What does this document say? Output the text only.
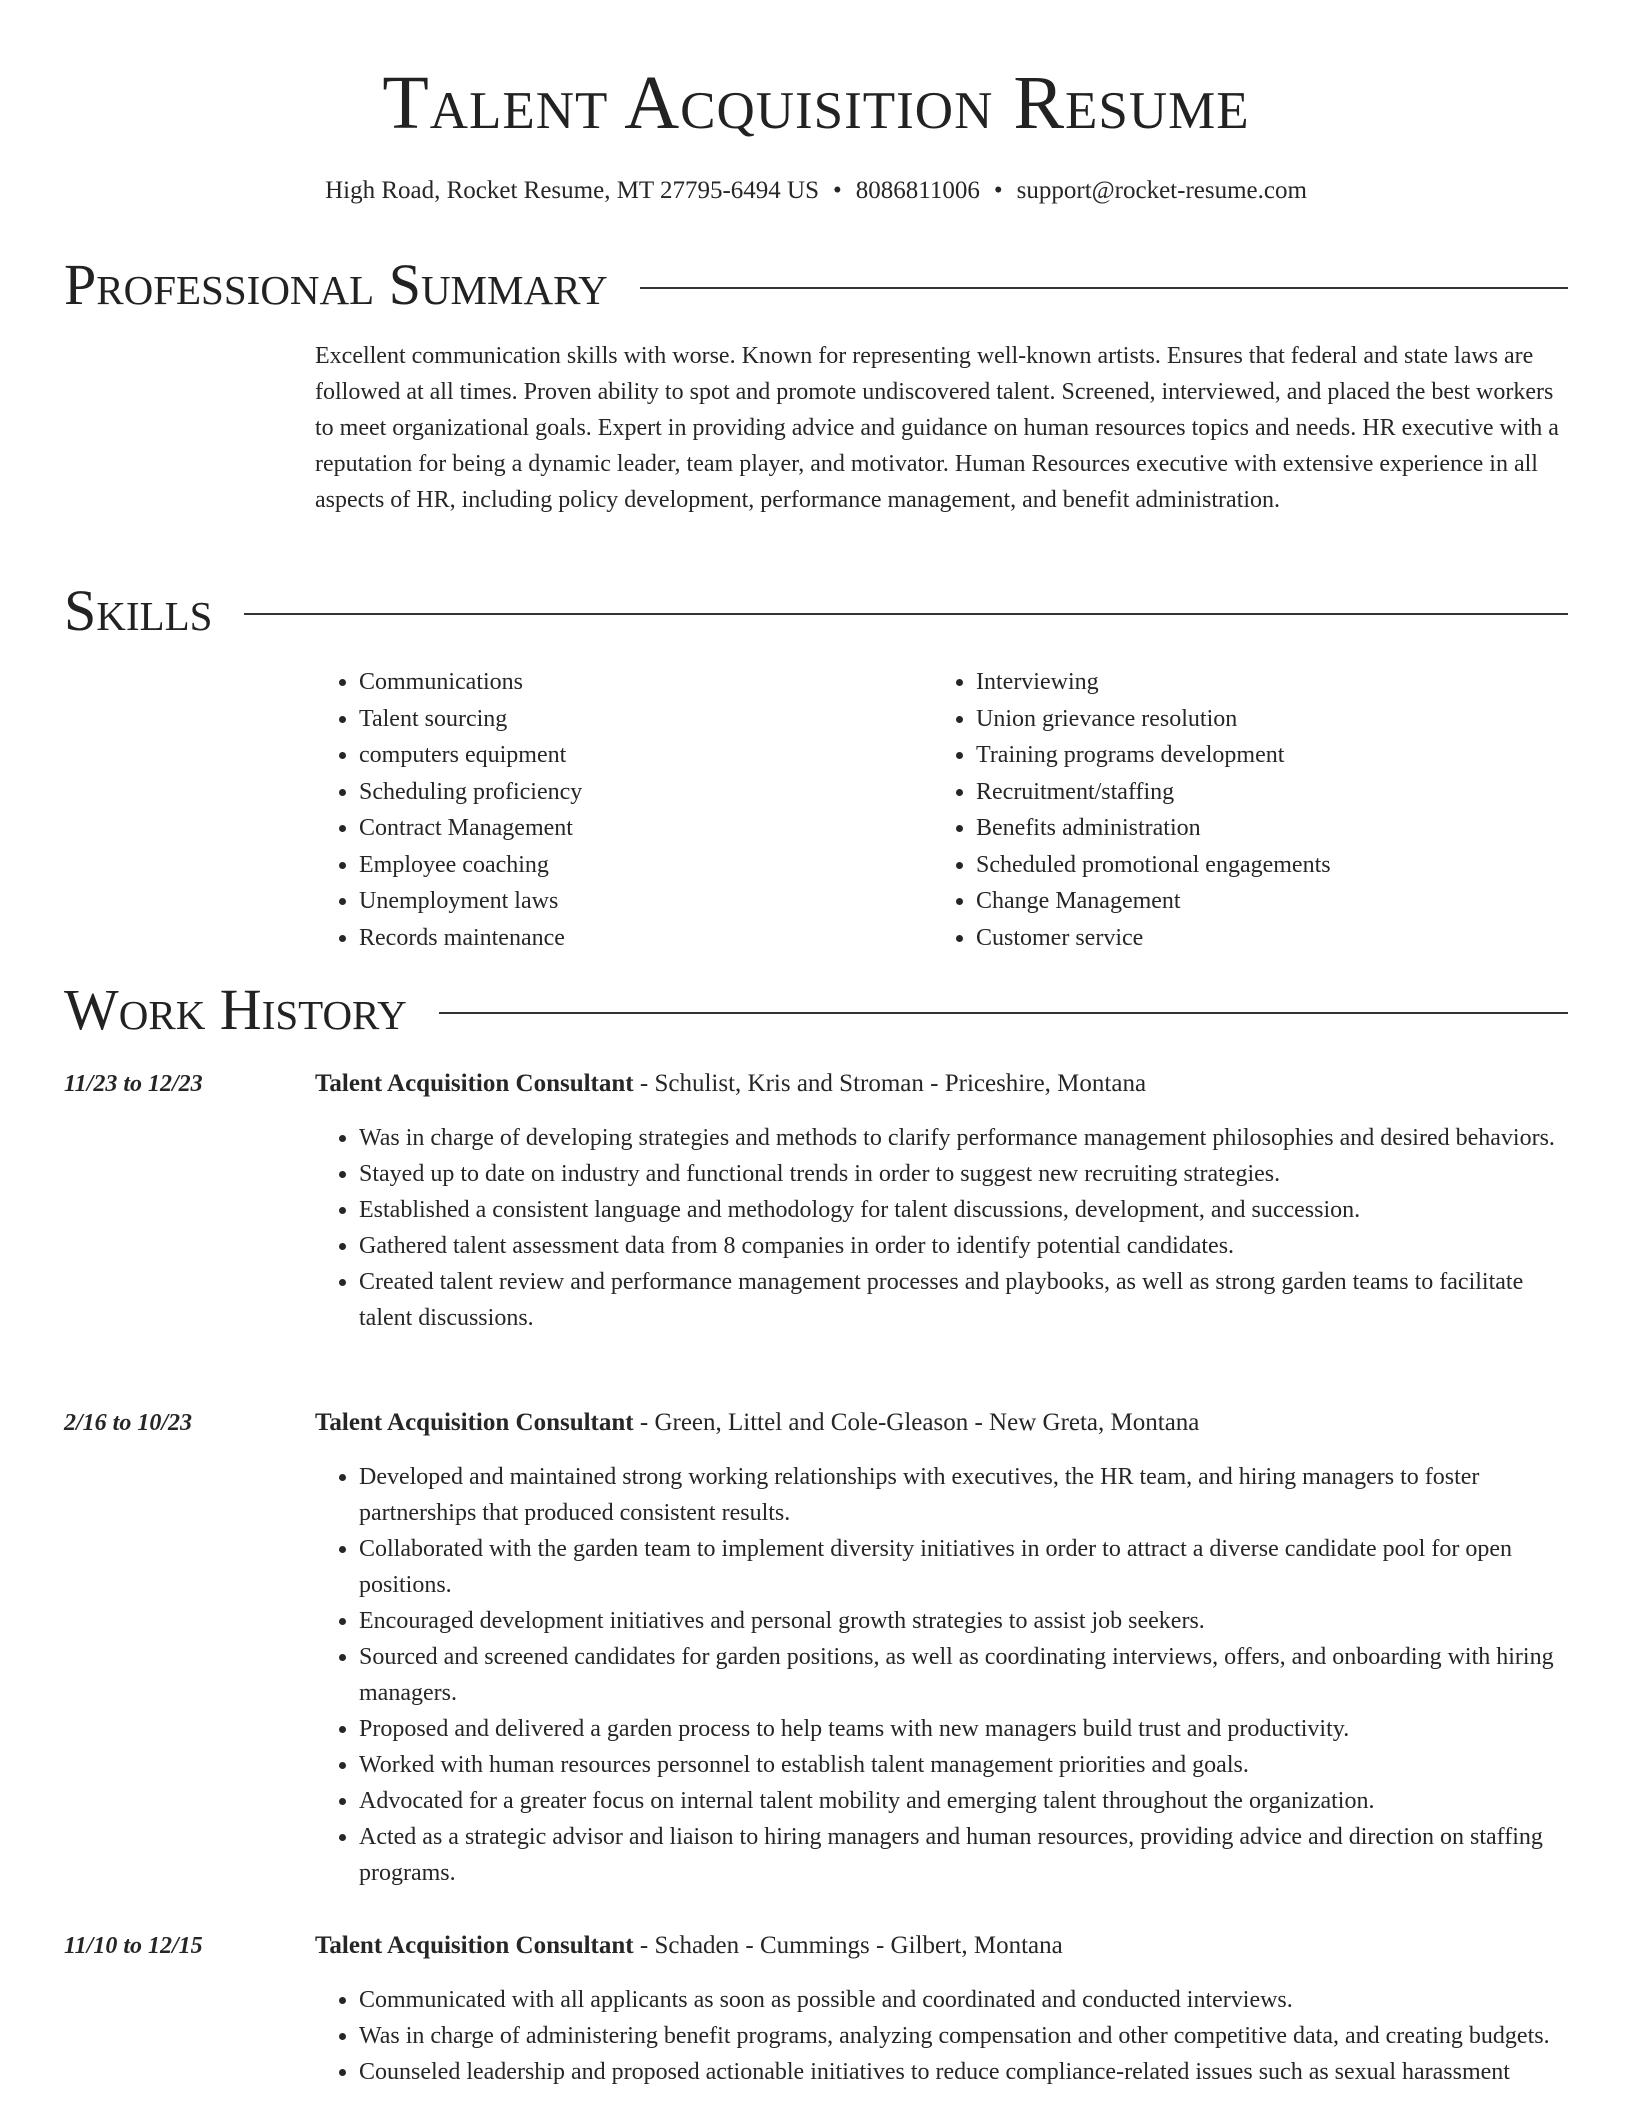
Talent Acquisition Resume
High Road, Rocket Resume, MT 27795-6494 US • 8086811006 • support@rocket-resume.com
Professional Summary

Excellent communication skills with worse. Known for representing well-known artists. Ensures that federal and state laws are followed at all times. Proven ability to spot and promote undiscovered talent. Screened, interviewed, and placed the best workers to meet organizational goals. Expert in providing advice and guidance on human resources topics and needs. HR executive with a reputation for being a dynamic leader, team player, and motivator. Human Resources executive with extensive experience in all aspects of HR, including policy development, performance management, and benefit administration.

Skills
• Communications
• Talent sourcing
• computers equipment
• Scheduling proficiency
• Contract Management
• Employee coaching
• Unemployment laws
• Records maintenance
• Interviewing
• Union grievance resolution
• Training programs development
• Recruitment/staffing
• Benefits administration
• Scheduled promotional engagements
• Change Management
• Customer service
Work History
11/23 to 12/23	Talent Acquisition Consultant - Schulist, Kris and Stroman - Priceshire, Montana
• Was in charge of developing strategies and methods to clarify performance management philosophies and desired behaviors.
• Stayed up to date on industry and functional trends in order to suggest new recruiting strategies.
• Established a consistent language and methodology for talent discussions, development, and succession.
• Gathered talent assessment data from 8 companies in order to identify potential candidates.
• Created talent review and performance management processes and playbooks, as well as strong garden teams to facilitate talent discussions.
2/16 to 10/23	Talent Acquisition Consultant - Green, Littel and Cole-Gleason - New Greta, Montana
• Developed and maintained strong working relationships with executives, the HR team, and hiring managers to foster partnerships that produced consistent results.
• Collaborated with the garden team to implement diversity initiatives in order to attract a diverse candidate pool for open positions.
• Encouraged development initiatives and personal growth strategies to assist job seekers.
• Sourced and screened candidates for garden positions, as well as coordinating interviews, offers, and onboarding with hiring managers.
• Proposed and delivered a garden process to help teams with new managers build trust and productivity.
• Worked with human resources personnel to establish talent management priorities and goals.
• Advocated for a greater focus on internal talent mobility and emerging talent throughout the organization.
• Acted as a strategic advisor and liaison to hiring managers and human resources, providing advice and direction on staffing programs.
11/10 to 12/15	Talent Acquisition Consultant - Schaden - Cummings - Gilbert, Montana
• Communicated with all applicants as soon as possible and coordinated and conducted interviews.
• Was in charge of administering benefit programs, analyzing compensation and other competitive data, and creating budgets.
• Counseled leadership and proposed actionable initiatives to reduce compliance-related issues such as sexual harassment
